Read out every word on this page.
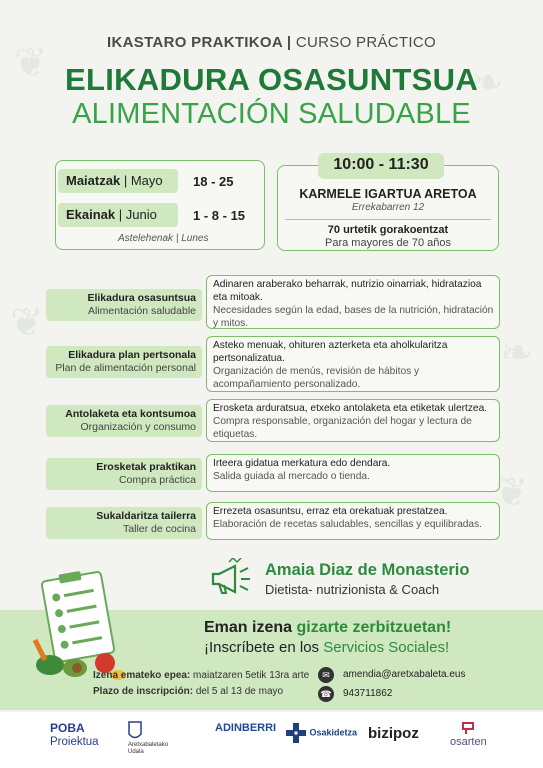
❦	❧
❦
❧
❦
IKASTARO PRAKTIKOA | CURSO PRÁCTICO
ELIKADURA OSASUNTSUA
ALIMENTACIÓN SALUDABLE
Maiatzak | Mayo	18 - 25
Ekainak | Junio	1 - 8 - 15
Astelehenak | Lunes
10:00 - 11:30
KARMELE IGARTUA ARETOA
Errekabarren 12
70 urtetik gorakoentzat
Para mayores de 70 años
Elikadura osasuntsua
Alimentación saludable
Adinaren araberako beharrak, nutrizio oinarriak, hidratazioa eta mitoak.
Necesidades según la edad, bases de la nutrición, hidratación y mitos.
Elikadura plan pertsonala
Plan de alimentación personal
Asteko menuak, ohituren azterketa eta aholkularitza pertsonalizatua.
Organización de menús, revisión de hábitos y acompañamiento personalizado.
Antolaketa eta kontsumoa
Organización y consumo
Erosketa arduratsua, etxeko antolaketa eta etiketak ulertzea.
Compra responsable, organización del hogar y lectura de etiquetas.
Erosketak praktikan
Compra práctica
Irteera gidatua merkatura edo dendara.
Salida guiada al mercado o tienda.
Sukaldaritza tailerra
Taller de cocina
Errezeta osasuntsu, erraz eta orekatuak prestatzea.
Elaboración de recetas saludables, sencillas y equilibradas.
Amaia Diaz de Monasterio
Dietista- nutrizionista & Coach
Eman izena gizarte zerbitzuetan!
¡Inscríbete en los Servicios Sociales!
Izena emateko epea: maiatzaren 5etik 13ra arte
Plazo de inscripción: del 5 al 13 de mayo
✉	amendia@aretxabaleta.eus
☎ 943711862
POBA
Proiektua	Aretxabaletako
Udala
ADINBERRI	Osakidetza bizipoz	osarten
